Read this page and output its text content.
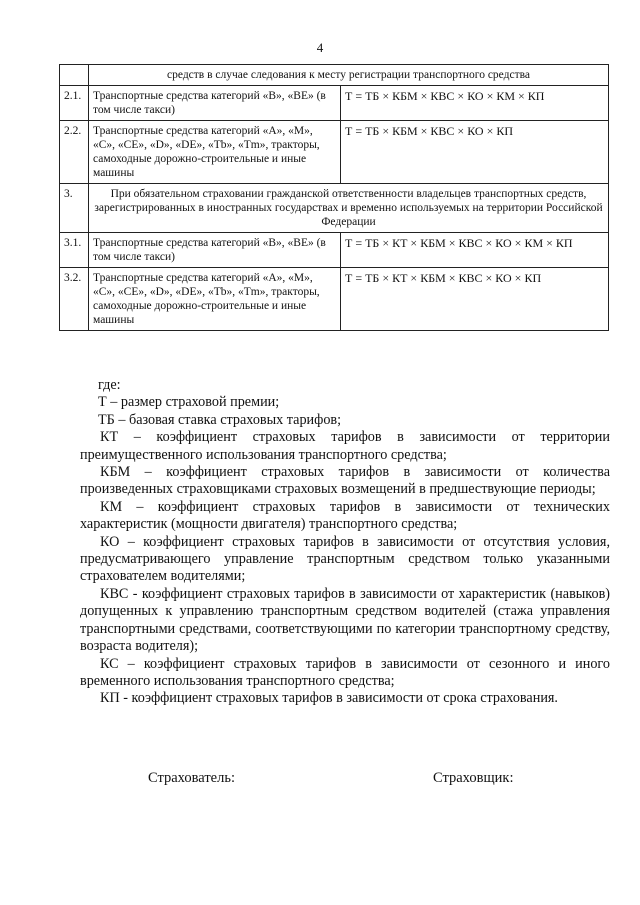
4
	средств в случае следования к месту регистрации транспортного средства	
2.1.	Транспортные средства категорий «В», «ВЕ» (в том числе такси)	Т = ТБ × КБМ × КВС × КО × КМ × КП
2.2.	Транспортные средства категорий «А», «М», «С», «СЕ», «D», «DЕ», «Tb», «Tm», тракторы, самоходные дорожно-строительные и иные машины	Т = ТБ × КБМ × КВС × КО × КП
3.	При обязательном страховании гражданской ответственности владельцев транспортных средств, зарегистрированных в иностранных государствах и временно используемых на территории Российской Федерации	
3.1.	Транспортные средства категорий «В», «ВЕ» (в том числе такси)	Т = ТБ × КТ × КБМ × КВС × КО × КМ × КП
3.2.	Транспортные средства категорий «А», «М», «С», «СЕ», «D», «DЕ», «Tb», «Tm», тракторы, самоходные дорожно-строительные и иные машины	Т = ТБ × КТ × КБМ × КВС × КО × КП

где:

Т – размер страховой премии;

ТБ – базовая ставка страховых тарифов;

КТ – коэффициент страховых тарифов в зависимости от территории преимущественного использования транспортного средства;

КБМ – коэффициент страховых тарифов в зависимости от количества произведенных страховщиками страховых возмещений в предшествующие периоды;

КМ – коэффициент страховых тарифов в зависимости от технических характеристик (мощности двигателя) транспортного средства;

КО – коэффициент страховых тарифов в зависимости от отсутствия условия, предусматривающего управление транспортным средством только указанными страхователем водителями;

КВС - коэффициент страховых тарифов в зависимости от характеристик (навыков) допущенных к управлению транспортным средством водителей (стажа управления транспортными средствами, соответствующими по категории транспортному средству, возраста водителя);

КС – коэффициент страховых тарифов в зависимости от сезонного и иного временного использования транспортного средства;

КП - коэффициент страховых тарифов в зависимости от срока страхования.

Страхователь:	Страховщик:
